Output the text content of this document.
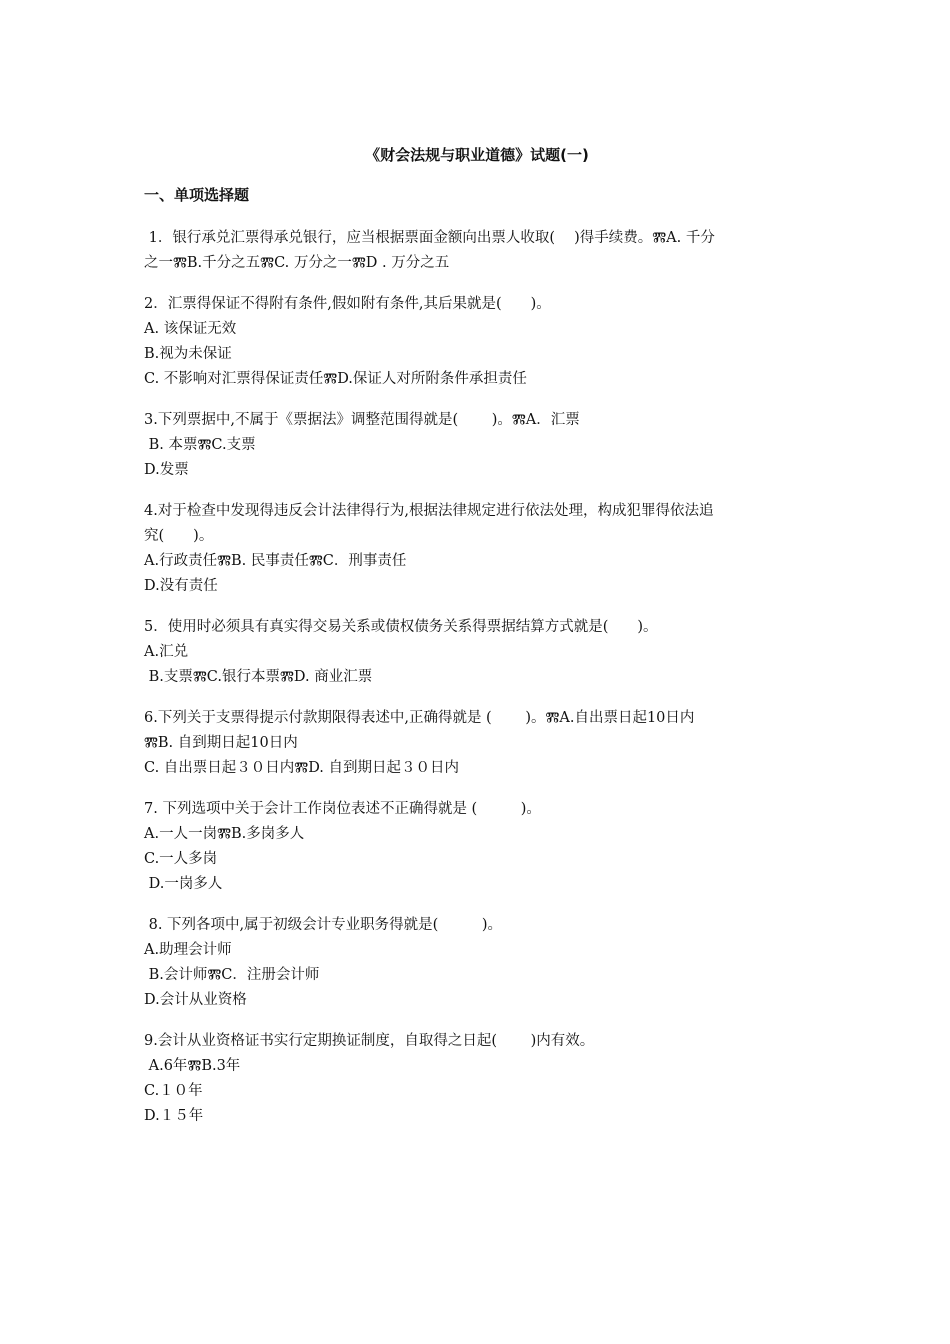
《财会法规与职业道德》试题(一)
一、单项选择题

1．银行承兑汇票得承兑银行，应当根据票面金额向出票人收取(　 )得手续费。ⰏA. 千分

之一ⰏB.千分之五ⰏC. 万分之一ⰏD . 万分之五

2．汇票得保证不得附有条件,假如附有条件,其后果就是(　　)。

A. 该保证无效

B.视为未保证

C. 不影响对汇票得保证责任ⰏD.保证人对所附条件承担责任

3.下列票据中,不属于《票据法》调整范围得就是(　　 )。ⰏA．汇票

B. 本票ⰏC.支票

D.发票

4.对于检查中发现得违反会计法律得行为,根据法律规定进行依法处理，构成犯罪得依法追

究(　　)。

A.行政责任ⰏB. 民事责任ⰏC．刑事责任

D.没有责任

5．使用时必须具有真实得交易关系或债权债务关系得票据结算方式就是(　　)。

A.汇兑

B.支票ⰏC.银行本票ⰏD. 商业汇票

6.下列关于支票得提示付款期限得表述中,正确得就是 (　　 )。ⰏA.自出票日起10日内

ⰏB. 自到期日起10日内

C. 自出票日起３０日内ⰏD. 自到期日起３０日内

7. 下列选项中关于会计工作岗位表述不正确得就是 (　　　)。

A.一人一岗ⰏB.多岗多人

C.一人多岗

D.一岗多人

8. 下列各项中,属于初级会计专业职务得就是(　　　)。

A.助理会计师

B.会计师ⰏC．注册会计师

D.会计从业资格

9.会计从业资格证书实行定期换证制度，自取得之日起(　　 )内有效。

A.6年ⰏB.3年

C.１０年

D.１５年
